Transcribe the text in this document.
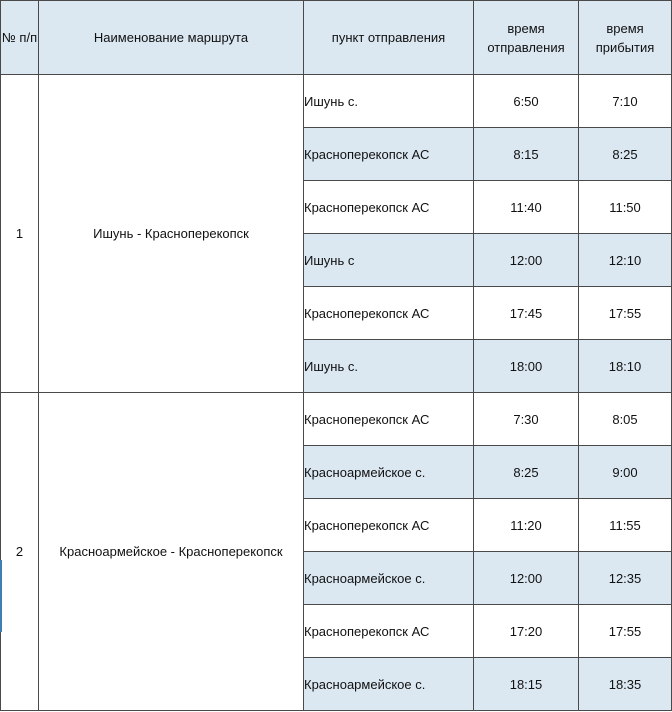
№ п/п	Наименование маршрута	пункт отправления	время отправления	время прибытия
1	Ишунь - Красноперекопск	Ишунь с.	6:50	7:10
		Красноперекопск АС	8:15	8:25
		Красноперекопск АС	11:40	11:50
		Ишунь с	12:00	12:10
		Красноперекопск АС	17:45	17:55
		Ишунь с.	18:00	18:10
2	Красноармейское - Красноперекопск	Красноперекопск АС	7:30	8:05
		Красноармейское с.	8:25	9:00
		Красноперекопск АС	11:20	11:55
		Красноармейское с.	12:00	12:35
		Красноперекопск АС	17:20	17:55
		Красноармейское с.	18:15	18:35
